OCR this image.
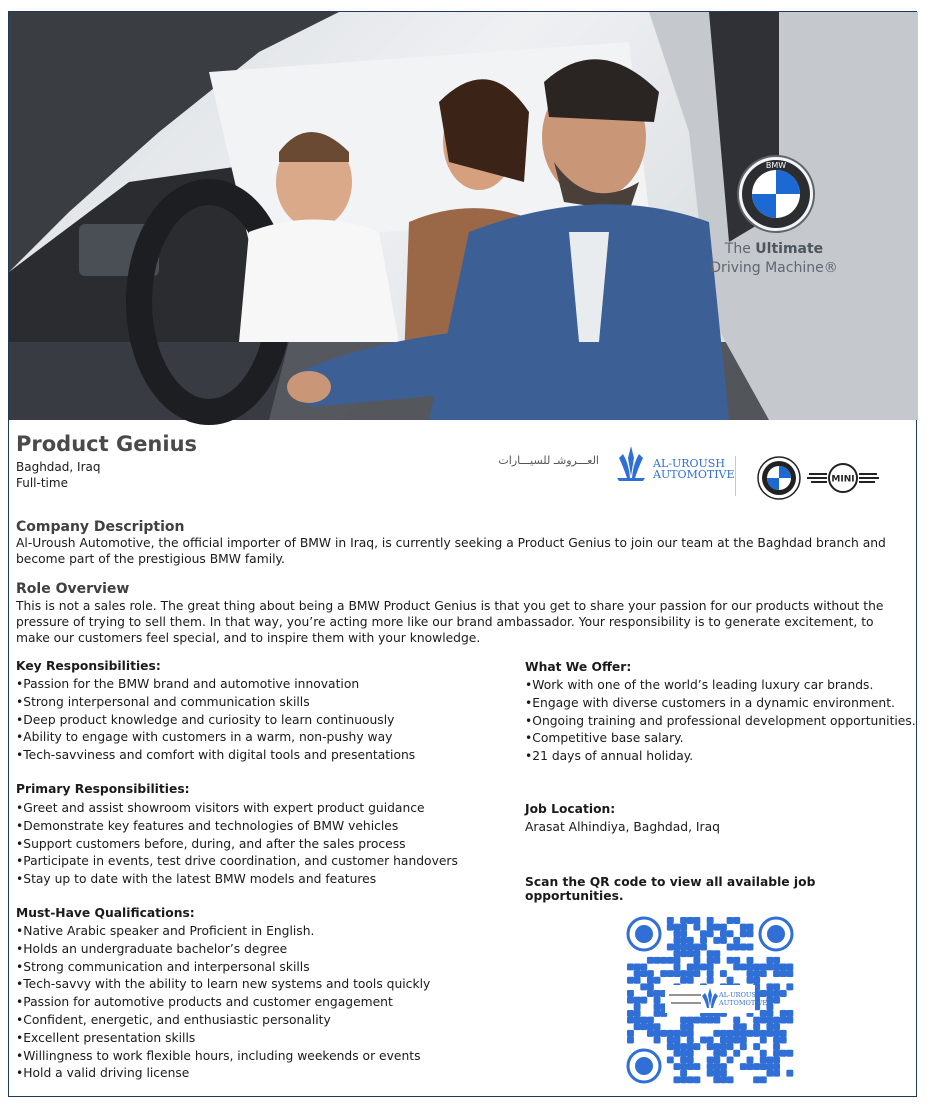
BMW
The Ultimate
Driving Machine®
Product Genius
Baghdad, Iraq
Full-time
العـــروشـ للسيـــارات	AL-UROUSH
AUTOMOTIVE	MINI
Company Description
Al-Uroush Automotive, the official importer of BMW in Iraq, is currently seeking a Product Genius to join our team at the Baghdad branch and become part of the prestigious BMW family.
Role Overview
This is not a sales role. The great thing about being a BMW Product Genius is that you get to share your passion for our products without the pressure of trying to sell them. In that way, you’re acting more like our brand ambassador. Your responsibility is to generate excitement, to make our customers feel special, and to inspire them with your knowledge.
Key Responsibilities:
• Passion for the BMW brand and automotive innovation
• Strong interpersonal and communication skills
• Deep product knowledge and curiosity to learn continuously
• Ability to engage with customers in a warm, non-pushy way
• Tech-savviness and comfort with digital tools and presentations
Primary Responsibilities:
• Greet and assist showroom visitors with expert product guidance
• Demonstrate key features and technologies of BMW vehicles
• Support customers before, during, and after the sales process
• Participate in events, test drive coordination, and customer handovers
• Stay up to date with the latest BMW models and features
Must-Have Qualifications:
• Native Arabic speaker and Proficient in English.
• Holds an undergraduate bachelor’s degree
• Strong communication and interpersonal skills
• Tech-savvy with the ability to learn new systems and tools quickly
• Passion for automotive products and customer engagement
• Confident, energetic, and enthusiastic personality
• Excellent presentation skills
• Willingness to work flexible hours, including weekends or events
• Hold a valid driving license
What We Offer:
• Work with one of the world’s leading luxury car brands.
• Engage with diverse customers in a dynamic environment.
• Ongoing training and professional development opportunities.
• Competitive base salary.
• 21 days of annual holiday.
Job Location:
Arasat Alhindiya, Baghdad, Iraq
Scan the QR code to view all available job opportunities.
AL-UROUSH
AUTOMOTIVE
